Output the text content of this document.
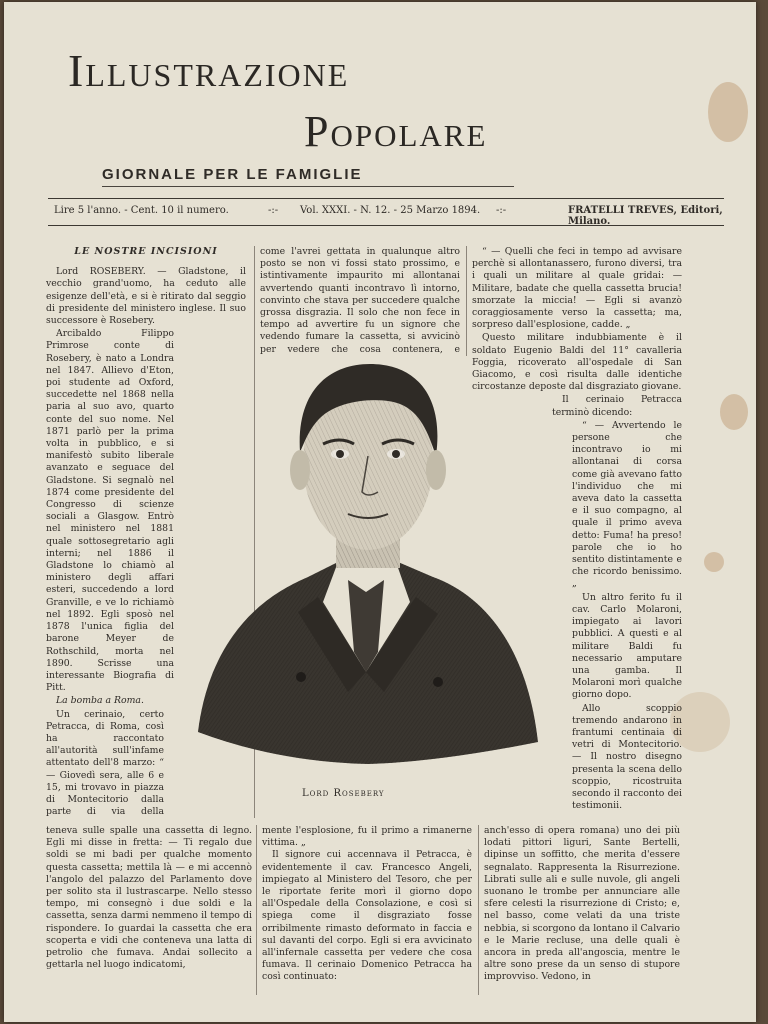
Illustrazione
Popolare
GIORNALE PER LE FAMIGLIE
Lire 5 l'anno. - Cent. 10 il numero.	-:- Vol. XXXI. - N. 12. - 25 Marzo 1894. -:-	FRATELLI TREVES, Editori, Milano.
LE NOSTRE INCISIONI

Lord ROSEBERY. — Gladstone, il vecchio grand'uomo, ha ceduto alle esigenze dell'età, e si è ritirato dal seggio di presidente del ministero inglese. Il suo successore è Rosebery.

Arcibaldo Filippo Primrose conte di Rosebery, è nato a Londra nel 1847. Allievo d'Eton, poi studente ad Oxford, succedette nel 1868 nella paria al suo avo, quarto conte del suo nome. Nel 1871 parlò per la prima volta in pubblico, e si manifestò subito liberale avanzato e seguace del Gladstone. Si segnalò nel 1874 come presidente del Congresso di scienze sociali a Glasgow. Entrò nel ministero nel 1881 quale sottosegretario agli interni; nel 1886 il Gladstone lo chiamò al ministero degli affari esteri, succedendo a lord Granville, e ve lo richiamò nel 1892. Egli sposò nel 1878 l'unica figlia del barone Meyer de Rothschild, morta nel 1890. Scrisse una interessante Biografia di Pitt.

La bomba a Roma.

Un cerinaio, certo Petracca, di Roma, così ha raccontato all'autorità sull'infame attentato dell'8 marzo: “ — Giovedì sera, alle 6 e 15, mi trovavo in piazza di Montecitorio dalla parte di via della

come l'avrei gettata in qualunque altro posto se non vi fossi stato prossimo, e istintivamente impaurito mi allontanai avvertendo quanti incontravo lì intorno, convinto che stava per succedere qualche grossa disgrazia. Il solo che non fece in tempo ad avvertire fu un signore che vedendo fumare la cassetta, si avvicinò per vedere che cosa contenera, e

“ — Quelli che feci in tempo ad avvisare perchè si allontanassero, furono diversi, tra i quali un militare al quale gridai: — Militare, badate che quella cassetta brucia! smorzate la miccia! — Egli si avanzò coraggiosamente verso la cassetta; ma, sorpreso dall'esplosione, cadde. „

Questo militare indubbiamente è il soldato Eugenio Baldi del 11° cavalleria Foggia, ricoverato all'ospedale di San Giacomo, e così risulta dalle identiche circostanze deposte dal disgraziato giovane.

Il cerinaio Petracca terminò dicendo:

“ — Avvertendo le persone che incontravo io mi allontanai di corsa come già avevano fatto l'individuo che mi aveva dato la cassetta e il suo compagno, al quale il primo aveva detto: Fuma! ha preso! parole che io ho sentito distintamente e che ricordo benissimo. „

Un altro ferito fu il cav. Carlo Molaroni, impiegato ai lavori pubblici. A questi e al militare Baldi fu necessario amputare una gamba. Il Molaroni morì qualche giorno dopo.

Allo scoppio tremendo andarono in frantumi centinaia di vetri di Montecitorio. — Il nostro disegno presenta la scena dello scoppio, ricostruita secondo il racconto dei testimonii.

Lord Rosebery

teneva sulle spalle una cassetta di legno. Egli mi disse in fretta: — Ti regalo due soldi se mi badi per qualche momento questa cassetta; mettila là — e mi accennò l'angolo del palazzo del Parlamento dove per solito sta il lustrascarpe. Nello stesso tempo, mi consegnò i due soldi e la cassetta, senza darmi nemmeno il tempo di rispondere. Io guardai la cassetta che era scoperta e vidi che conteneva una latta di petrolio che fumava. Andai sollecito a gettarla nel luogo indicatomi,

mente l'esplosione, fu il primo a rimanerne vittima. „

Il signore cui accennava il Petracca, è evidentemente il cav. Francesco Angeli, impiegato al Ministero del Tesoro, che per le riportate ferite morì il giorno dopo all'Ospedale della Consolazione, e così si spiega come il disgraziato fosse orribilmente rimasto deformato in faccia e sul davanti del corpo. Egli si era avvicinato all'infernale cassetta per vedere che cosa fumava. Il cerinaio Domenico Petracca ha così continuato:

anch'esso di opera romana) uno dei più lodati pittori liguri, Sante Bertelli, dipinse un soffitto, che merita d'essere segnalato. Rappresenta la Risurrezione. Librati sulle ali e sulle nuvole, gli angeli suonano le trombe per annunciare alle sfere celesti la risurrezione di Cristo; e, nel basso, come velati da una triste nebbia, si scorgono da lontano il Calvario e le Marie recluse, una delle quali è ancora in preda all'angoscia, mentre le altre sono prese da un senso di stupore improvviso. Vedono, in
